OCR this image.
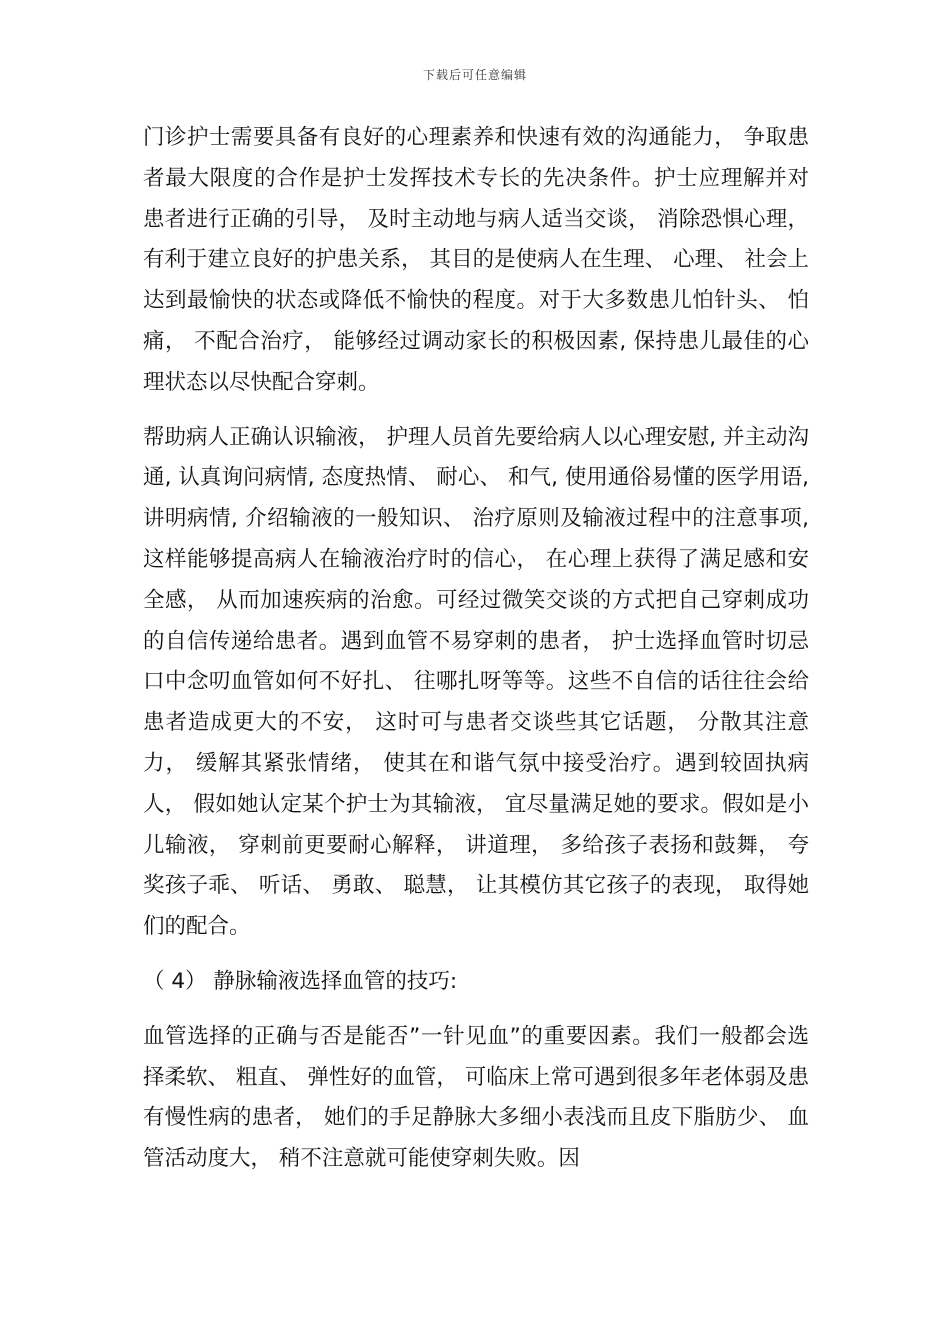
下载后可任意编辑

门诊护士需要具备有良好的心理素养和快速有效的沟通能力， 争取患者最大限度的合作是护士发挥技术专长的先决条件。护士应理解并对患者进行正确的引导， 及时主动地与病人适当交谈， 消除恐惧心理， 有利于建立良好的护患关系， 其目的是使病人在生理、 心理、 社会上达到最愉快的状态或降低不愉快的程度。对于大多数患儿怕针头、 怕痛， 不配合治疗， 能够经过调动家长的积极因素, 保持患儿最佳的心理状态以尽快配合穿刺。

帮助病人正确认识输液， 护理人员首先要给病人以心理安慰, 并主动沟通, 认真询问病情, 态度热情、 耐心、 和气, 使用通俗易懂的医学用语, 讲明病情, 介绍输液的一般知识、 治疗原则及输液过程中的注意事项, 这样能够提高病人在输液治疗时的信心， 在心理上获得了满足感和安全感， 从而加速疾病的治愈。可经过微笑交谈的方式把自己穿刺成功的自信传递给患者。遇到血管不易穿刺的患者， 护士选择血管时切忌口中念叨血管如何不好扎、 往哪扎呀等等。这些不自信的话往往会给患者造成更大的不安， 这时可与患者交谈些其它话题， 分散其注意力， 缓解其紧张情绪， 使其在和谐气氛中接受治疗。遇到较固执病人， 假如她认定某个护士为其输液， 宜尽量满足她的要求。假如是小儿输液， 穿刺前更要耐心解释， 讲道理， 多给孩子表扬和鼓舞， 夸奖孩子乖、 听话、 勇敢、 聪慧， 让其模仿其它孩子的表现， 取得她们的配合。

（ 4） 静脉输液选择血管的技巧:

血管选择的正确与否是能否”一针见血”的重要因素。我们一般都会选择柔软、 粗直、 弹性好的血管， 可临床上常可遇到很多年老体弱及患有慢性病的患者， 她们的手足静脉大多细小表浅而且皮下脂肪少、 血管活动度大， 稍不注意就可能使穿刺失败。因
